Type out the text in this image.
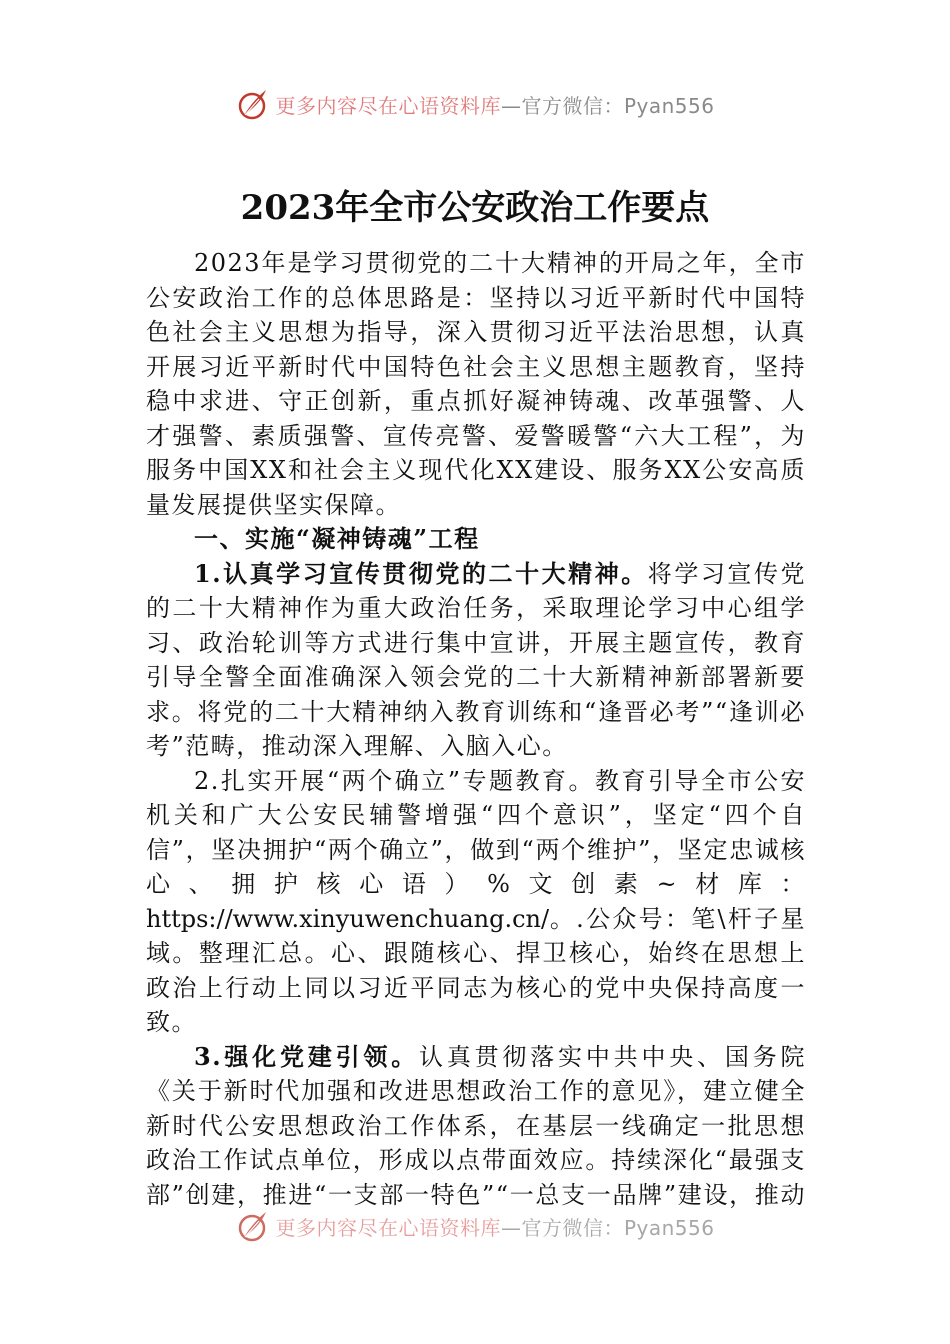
更多内容尽在心语资料库—官方微信：Pyan556
2023年全市公安政治工作要点

2023年是学习贯彻党的二十大精神的开局之年，全市公安政治工作的总体思路是：坚持以习近平新时代中国特色社会主义思想为指导，深入贯彻习近平法治思想，认真开展习近平新时代中国特色社会主义思想主题教育，坚持稳中求进、守正创新，重点抓好凝神铸魂、改革强警、人才强警、素质强警、宣传亮警、爱警暖警“六大工程”，为服务中国XX和社会主义现代化XX建设、服务XX公安高质量发展提供坚实保障。

一、实施“凝神铸魂”工程

1.认真学习宣传贯彻党的二十大精神。将学习宣传党的二十大精神作为重大政治任务，采取理论学习中心组学习、政治轮训等方式进行集中宣讲，开展主题宣传，教育引导全警全面准确深入领会党的二十大新精神新部署新要求。将党的二十大精神纳入教育训练和“逢晋必考”“逢训必考”范畴，推动深入理解、入脑入心。

2.扎实开展“两个确立”专题教育。教育引导全市公安机关和广大公安民辅警增强“四个意识”，坚定“四个自信”，坚决拥护“两个确立”，做到“两个维护”，坚定忠诚核心、拥护核心语）%文创素~材库：https://www.xinyuwenchuang.cn/。.公众号：笔\杆子星域。整理汇总。心、跟随核心、捍卫核心，始终在思想上政治上行动上同以习近平同志为核心的党中央保持高度一致。

3.强化党建引领。认真贯彻落实中共中央、国务院《关于新时代加强和改进思想政治工作的意见》，建立健全新时代公安思想政治工作体系，在基层一线确定一批思想政治工作试点单位，形成以点带面效应。持续深化“最强支部”创建，推进“一支部一特色”“一总支一品牌”建设，推动

更多内容尽在心语资料库—官方微信：Pyan556
